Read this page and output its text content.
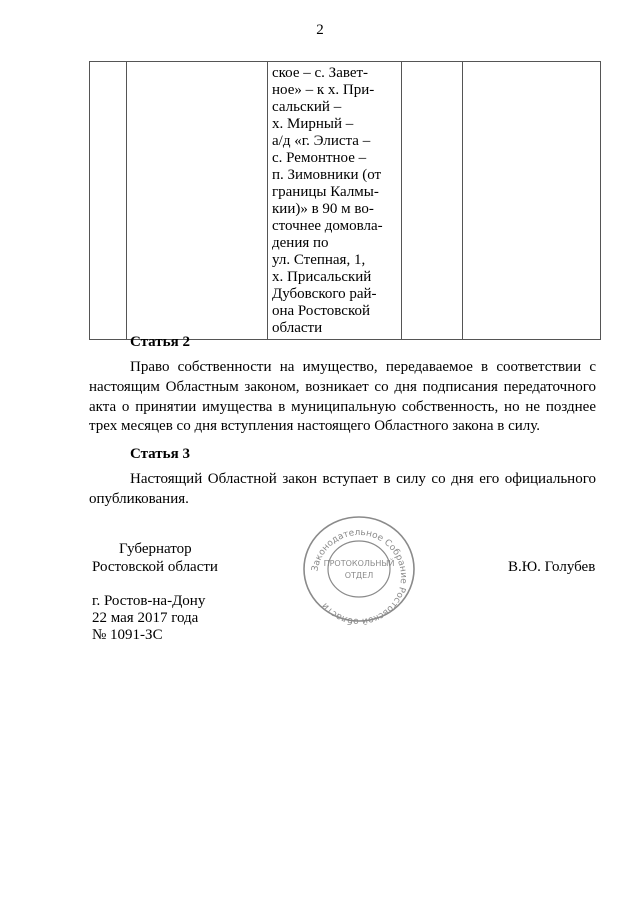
2

ское – с. Завет-
ное» – к х. При-
сальский –
х. Мирный –
а/д «г. Элиста –
с. Ремонтное –
п. Зимовники (от
границы Калмы-
кии)» в 90 м во-
сточнее домовла-
дения по
ул. Степная, 1,
х. Присальский
Дубовского рай-
она Ростовской
области

Статья 2
Право собственности на имущество, передаваемое в соответствии с
настоящим Областным законом, возникает со дня подписания передаточного
акта о принятии имущества в муниципальную собственность, но не позднее
трех месяцев со дня вступления настоящего Областного закона в силу.
Статья 3
Настоящий Областной закон вступает в силу со дня его официального
опубликования.
Губернатор
Ростовской области	В.Ю. Голубев
Законодательное Собрание Ростовской области
ПРОТОКОЛЬНЫЙ
ОТДЕЛ
г. Ростов-на-Дону
22 мая 2017 года
№ 1091-ЗС
